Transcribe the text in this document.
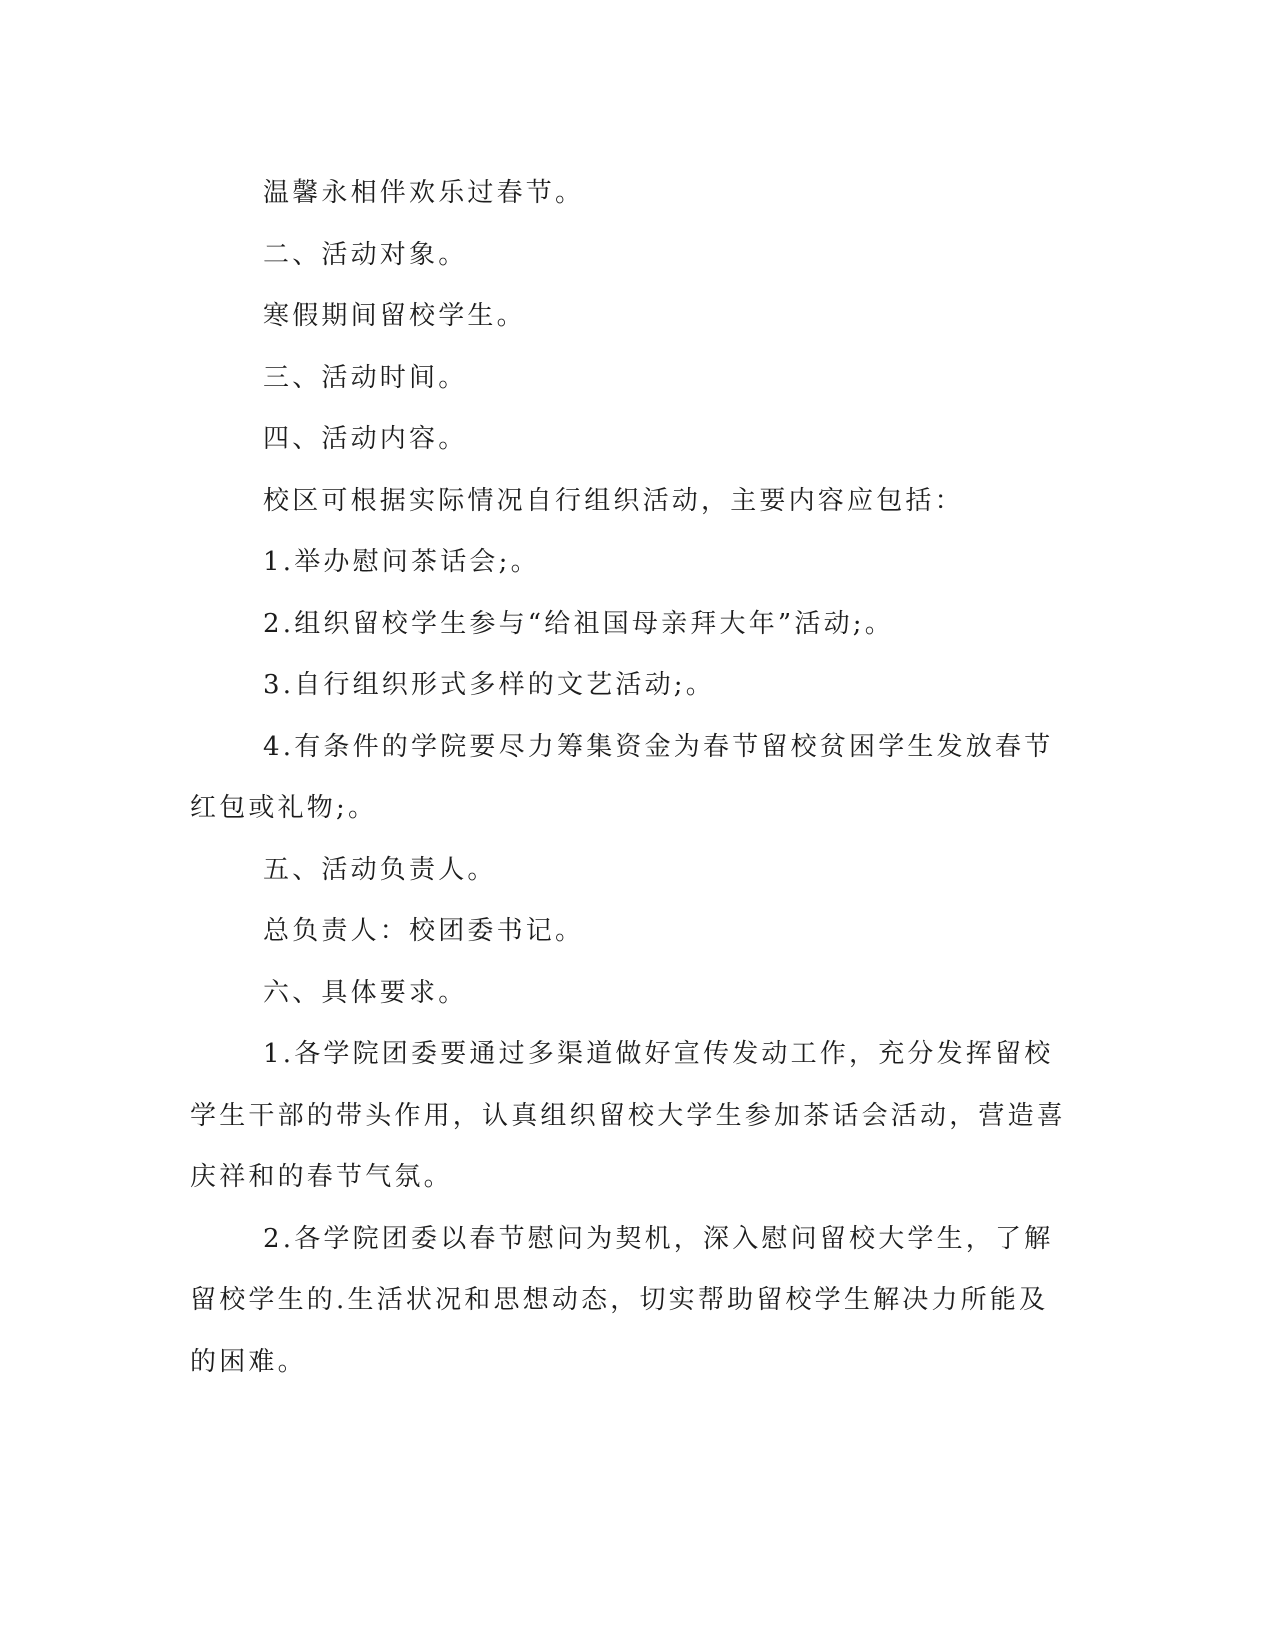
温馨永相伴欢乐过春节。

二、活动对象。

寒假期间留校学生。

三、活动时间。

四、活动内容。

校区可根据实际情况自行组织活动，主要内容应包括：

1.举办慰问茶话会;。

2.组织留校学生参与“给祖国母亲拜大年”活动;。

3.自行组织形式多样的文艺活动;。

4.有条件的学院要尽力筹集资金为春节留校贫困学生发放春节红包或礼物;。

五、活动负责人。

总负责人：校团委书记。

六、具体要求。

1.各学院团委要通过多渠道做好宣传发动工作，充分发挥留校学生干部的带头作用，认真组织留校大学生参加茶话会活动，营造喜庆祥和的春节气氛。

2.各学院团委以春节慰问为契机，深入慰问留校大学生，了解留校学生的.生活状况和思想动态，切实帮助留校学生解决力所能及的困难。
